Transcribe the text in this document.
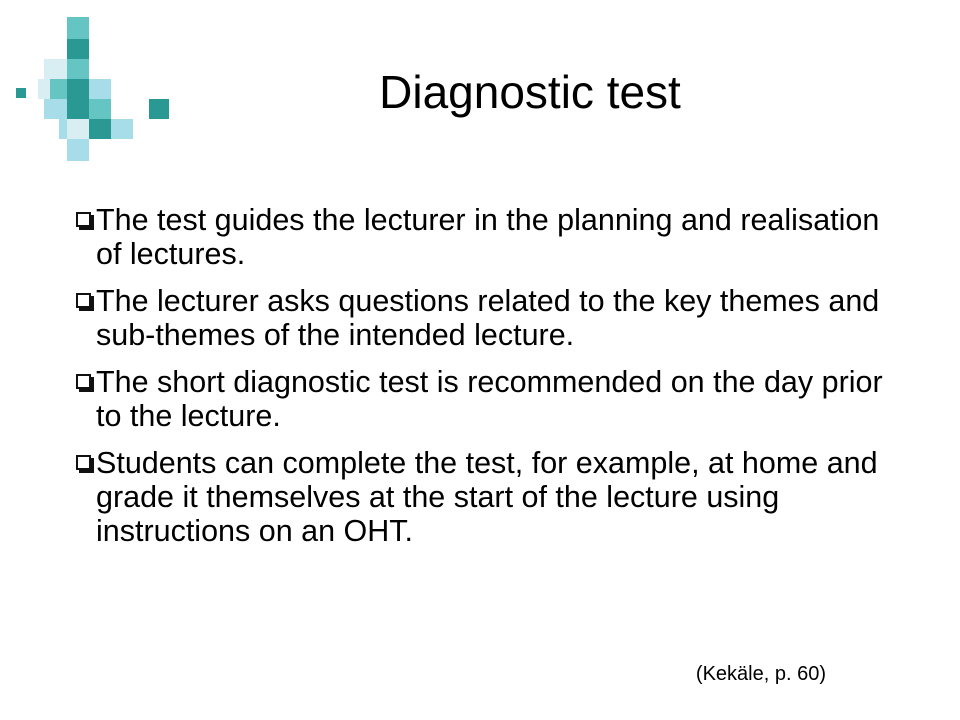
Diagnostic test
The test guides the lecturer in the planning and realisation of lectures.
The lecturer asks questions related to the key themes and sub-themes of the intended lecture.
The short diagnostic test is recommended on the day prior to the lecture.
Students can complete the test, for example, at home and grade it themselves at the start of the lecture using instructions on an OHT.
(Kekäle, p. 60)
